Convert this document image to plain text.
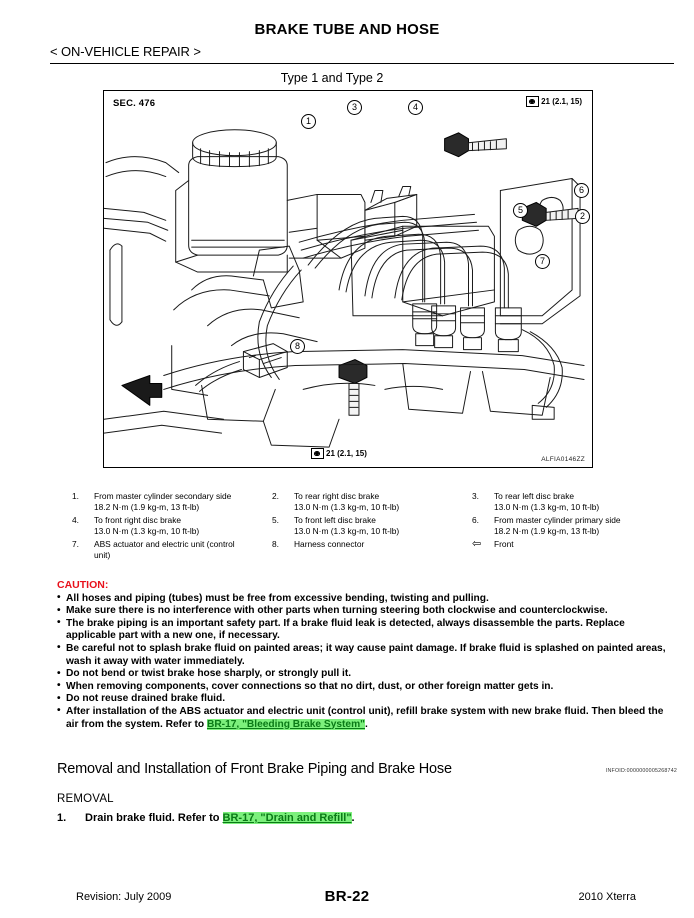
BRAKE TUBE AND HOSE
< ON-VEHICLE REPAIR >
Type 1 and Type 2
SEC. 476
ALFIA0146ZZ
21 (2.1, 15)
21 (2.1, 15)
1
3	4
6
2
5
7
8
1.	From master cylinder secondary side
18.2 N·m (1.9 kg-m, 13 ft-lb)
2.	To rear right disc brake
13.0 N·m (1.3 kg-m, 10 ft-lb)
3.	To rear left disc brake
13.0 N·m (1.3 kg-m, 10 ft-lb)
4.	To front right disc brake
13.0 N·m (1.3 kg-m, 10 ft-lb)
5.	To front left disc brake
13.0 N·m (1.3 kg-m, 10 ft-lb)
6.	From master cylinder primary side
18.2 N·m (1.9 kg-m, 13 ft-lb)
7.	ABS actuator and electric unit (control
unit)
8.	Harness connector	⇦	Front
CAUTION:
• All hoses and piping (tubes) must be free from excessive bending, twisting and pulling.
• Make sure there is no interference with other parts when turning steering both clockwise and counterclockwise.
• The brake piping is an important safety part. If a brake fluid leak is detected, always disassemble the parts. Replace applicable part with a new one, if necessary.
• Be careful not to splash brake fluid on painted areas; it way cause paint damage. If brake fluid is splashed on painted areas, wash it away with water immediately.
• Do not bend or twist brake hose sharply, or strongly pull it.
• When removing components, cover connections so that no dirt, dust, or other foreign matter gets in.
• Do not reuse drained brake fluid.
• After installation of the ABS actuator and electric unit (control unit), refill brake system with new brake fluid. Then bleed the air from the system. Refer to BR-17, "Bleeding Brake System".
Removal and Installation of Front Brake Piping and Brake Hose	INFOID:0000000005268742
REMOVAL
1. Drain brake fluid. Refer to BR-17, "Drain and Refill".
Revision: July 2009	BR-22	2010 Xterra
